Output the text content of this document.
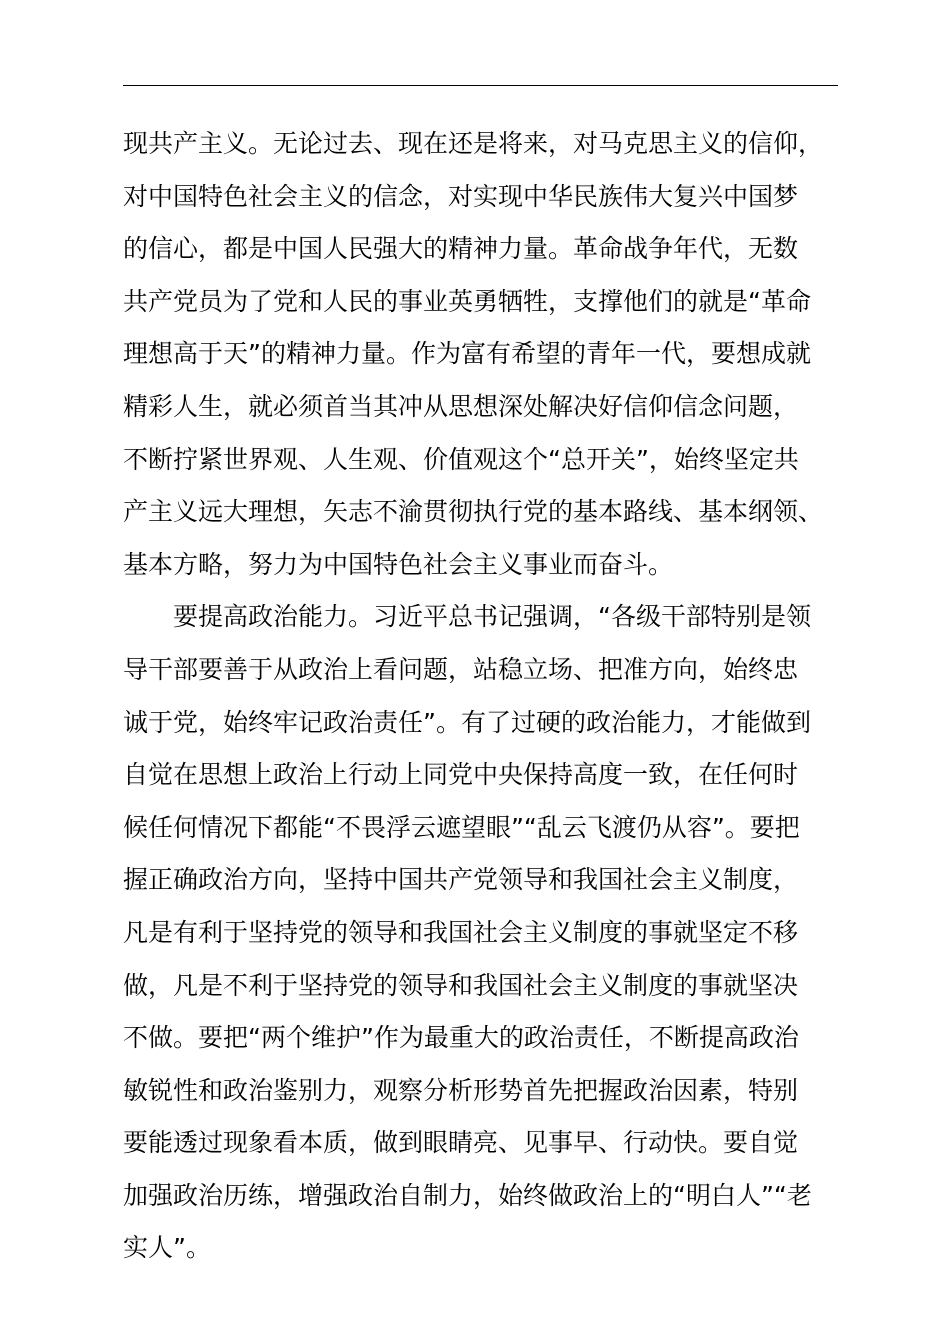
现共产主义。无论过去、现在还是将来，对马克思主义的信仰，
对中国特色社会主义的信念，对实现中华民族伟大复兴中国梦
的信心，都是中国人民强大的精神力量。革命战争年代，无数
共产党员为了党和人民的事业英勇牺牲，支撑他们的就是“革命
理想高于天”的精神力量。作为富有希望的青年一代，要想成就
精彩人生，就必须首当其冲从思想深处解决好信仰信念问题，
不断拧紧世界观、人生观、价值观这个“总开关”，始终坚定共
产主义远大理想，矢志不渝贯彻执行党的基本路线、基本纲领、
基本方略，努力为中国特色社会主义事业而奋斗。
要提高政治能力。习近平总书记强调，“各级干部特别是领
导干部要善于从政治上看问题，站稳立场、把准方向，始终忠
诚于党，始终牢记政治责任”。有了过硬的政治能力，才能做到
自觉在思想上政治上行动上同党中央保持高度一致，在任何时
候任何情况下都能“不畏浮云遮望眼”“乱云飞渡仍从容”。要把
握正确政治方向，坚持中国共产党领导和我国社会主义制度，
凡是有利于坚持党的领导和我国社会主义制度的事就坚定不移
做，凡是不利于坚持党的领导和我国社会主义制度的事就坚决
不做。要把“两个维护”作为最重大的政治责任，不断提高政治
敏锐性和政治鉴别力，观察分析形势首先把握政治因素，特别
要能透过现象看本质，做到眼睛亮、见事早、行动快。要自觉
加强政治历练，增强政治自制力，始终做政治上的“明白人”“老
实人”。
